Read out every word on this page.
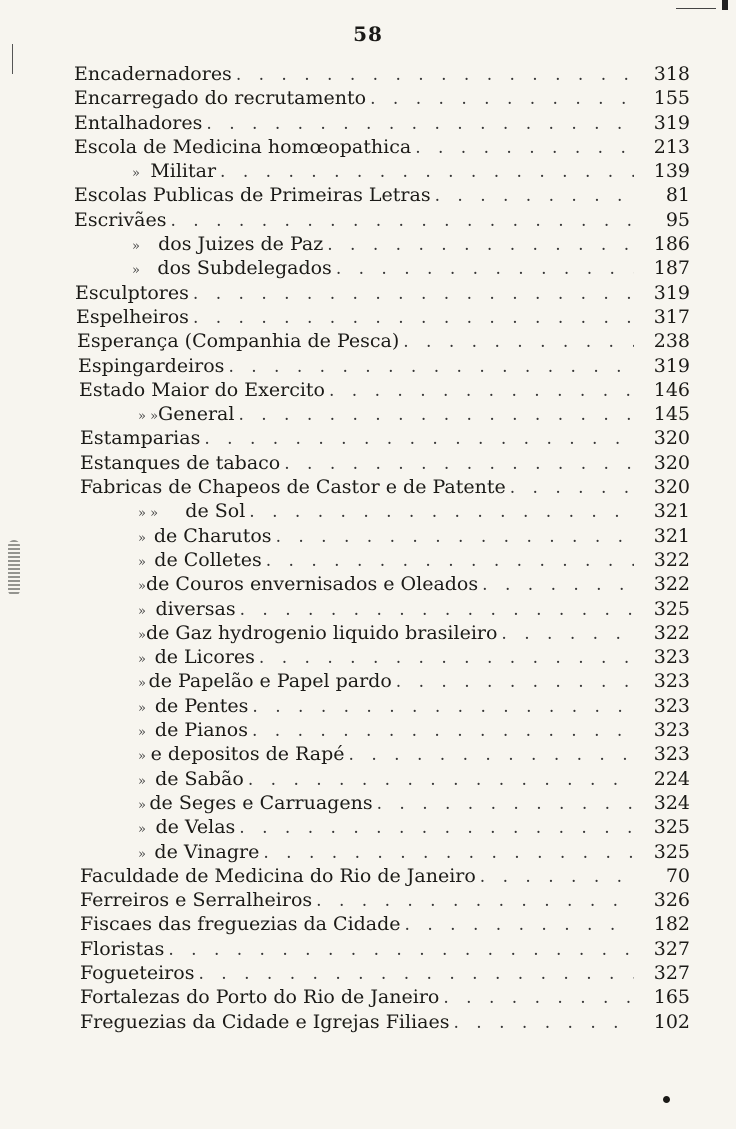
58
Encadernadores . . .	318
Encarregado do recrutamento . . .	155
Entalhadores . . .	319
Escola de Medicina homœopathica . . .	213
» Militar . . .	139
Escolas Publicas de Primeiras Letras . . .	81
Escrivães . . .	95
» dos Juizes de Paz . . .	186
» dos Subdelegados . . .	187
Esculptores . . .	319
Espelheiros . . .	317
Esperança (Companhia de Pesca) . . .	238
Espingardeiros . . .	319
Estado Maior do Exercito . . .	146
» » General . . .	145
Estamparias . . .	320
Estanques de tabaco . . .	320
Fabricas de Chapeos de Castor e de Patente . . .	320
» »	de Sol . . .	321
» de Charutos . . .	321
» de Colletes . . .	322
» de Couros envernisados e Oleados . . .	322
» diversas . . .	325
» de Gaz hydrogenio liquido brasileiro . . .	322
» de Licores . . .	323
» de Papelão e Papel pardo . . .	323
» de Pentes . . .	323
» de Pianos . . .	323
» e depositos de Rapé . . .	323
» de Sabão . . .	224
» de Seges e Carruagens . . .	324
» de Velas . . .	325
» de Vinagre . . .	325
Faculdade de Medicina do Rio de Janeiro . . .	70
Ferreiros e Serralheiros . . .	326
Fiscaes das freguezias da Cidade . . .	182
Floristas . . .	327
Fogueteiros . . .	327
Fortalezas do Porto do Rio de Janeiro . . .	165
Freguezias da Cidade e Igrejas Filiaes . . .	102
